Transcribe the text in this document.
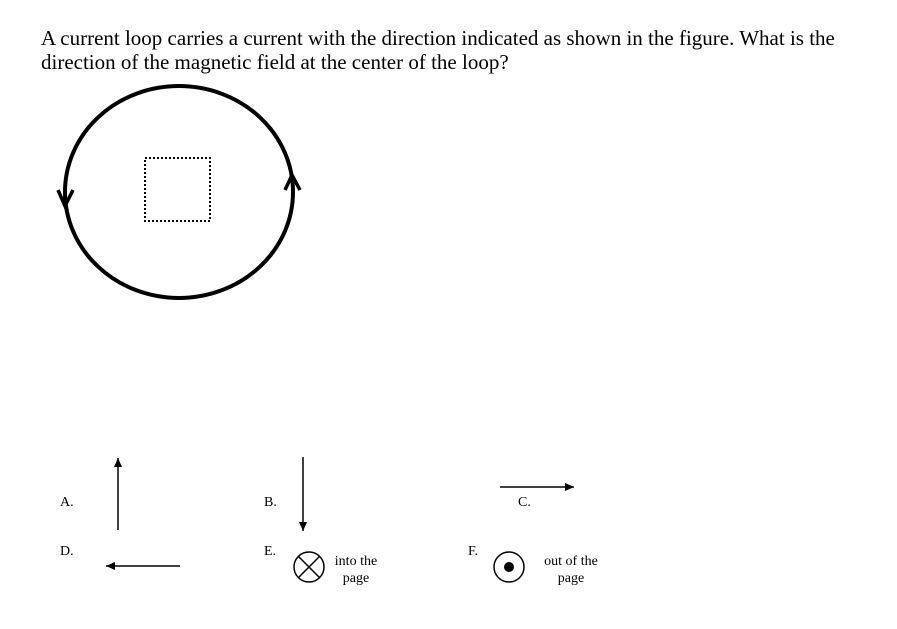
A current loop carries a current with the direction indicated as shown in the figure. What is the direction of the magnetic field at the center of the loop?

A.	B.	C.
D.	E.	F.
into the
page
out of the
page
